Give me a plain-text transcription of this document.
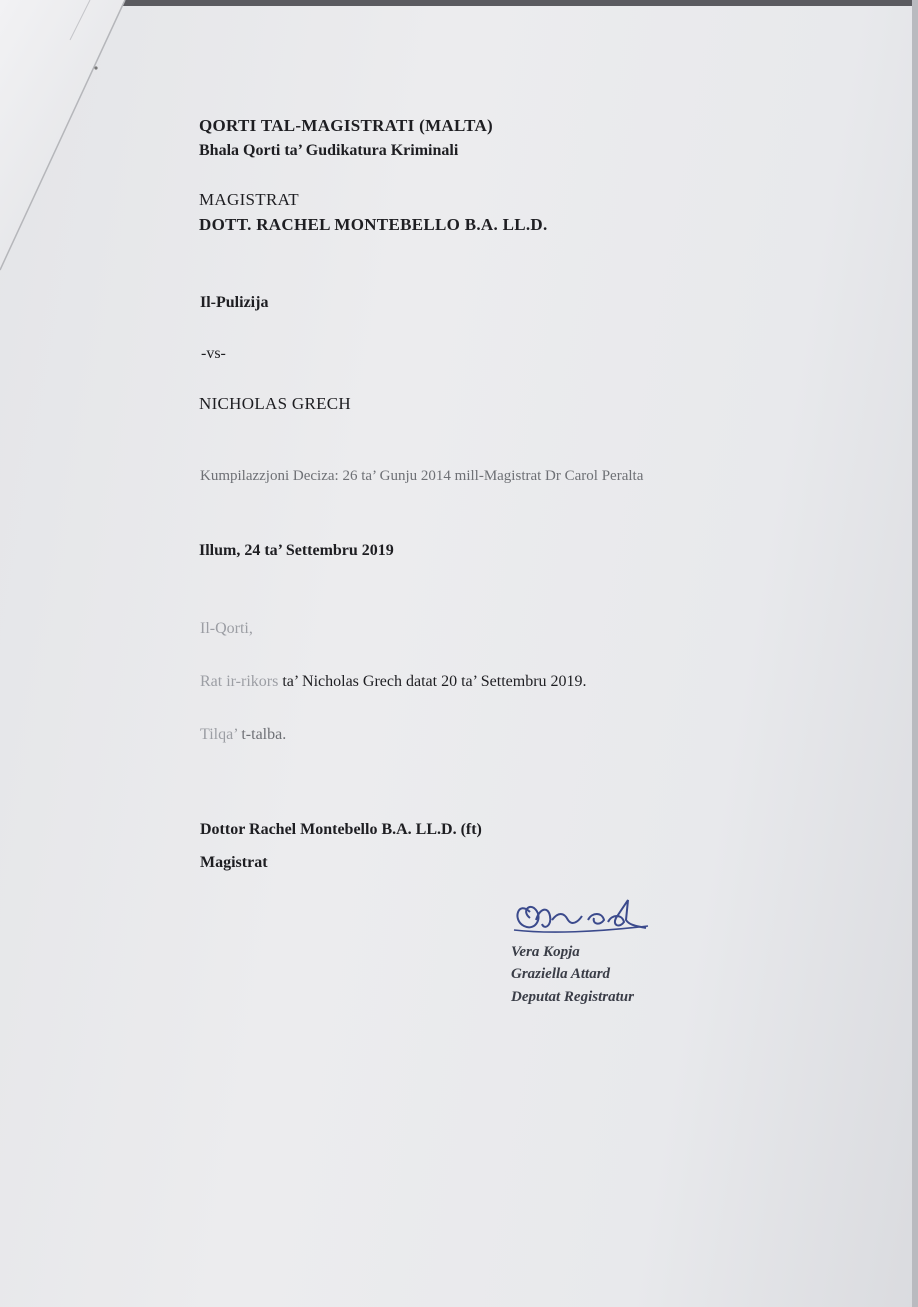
QORTI TAL-MAGISTRATI (MALTA)
Bhala Qorti ta’ Gudikatura Kriminali
MAGISTRAT
DOTT. RACHEL MONTEBELLO B.A. LL.D.
Il-Pulizija
-vs-
NICHOLAS GRECH
Kumpilazzjoni Deciza: 26 ta’ Gunju 2014 mill-Magistrat Dr Carol Peralta
Illum, 24 ta’ Settembru 2019
Il-Qorti,
Rat ir-rikors ta’ Nicholas Grech datat 20 ta’ Settembru 2019.
Tilqa’ t-talba.
Dottor Rachel Montebello B.A. LL.D. (ft)
Magistrat
Vera Kopja
Graziella Attard
Deputat Registratur
